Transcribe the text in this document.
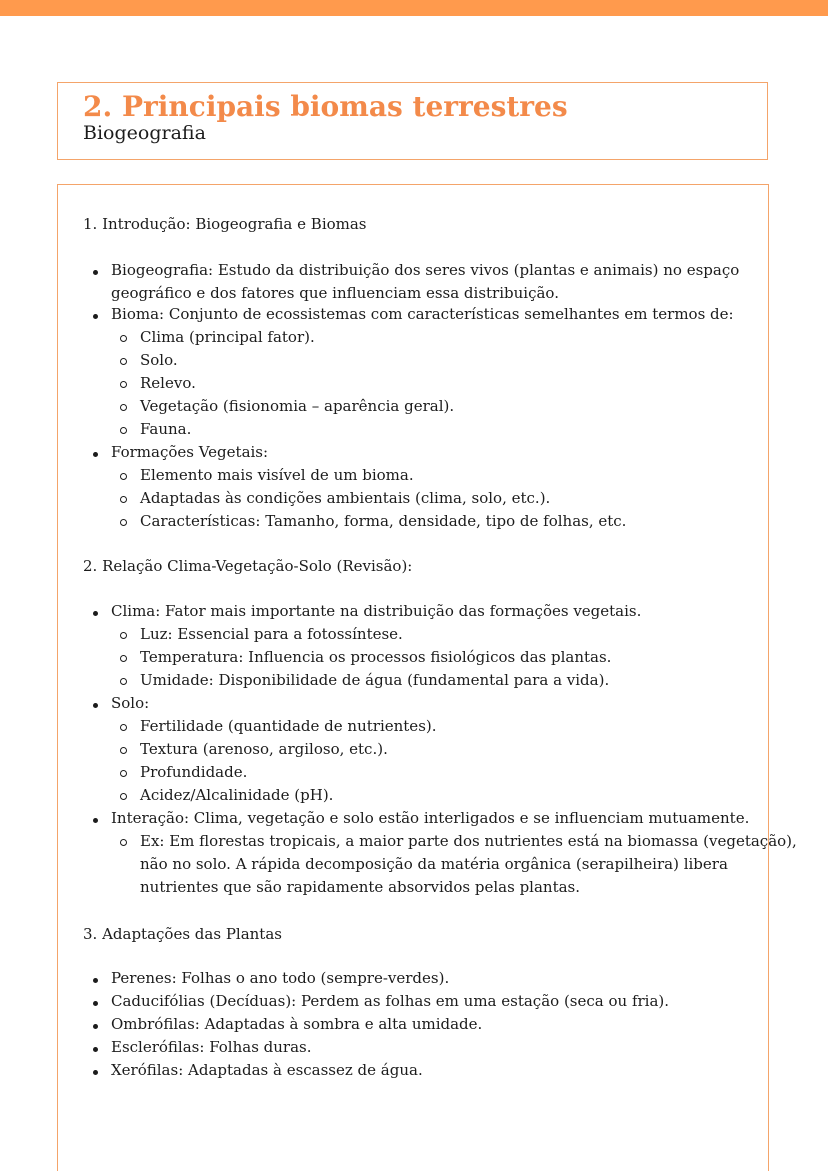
2. Principais biomas terrestres
Biogeografia
1. Introdução: Biogeografia e Biomas
Biogeografia: Estudo da distribuição dos seres vivos (plantas e animais) no espaço
geográfico e dos fatores que influenciam essa distribuição.
Bioma: Conjunto de ecossistemas com características semelhantes em termos de:
Clima (principal fator).
Solo.
Relevo.
Vegetação (fisionomia – aparência geral).
Fauna.
Formações Vegetais:
Elemento mais visível de um bioma.
Adaptadas às condições ambientais (clima, solo, etc.).
Características: Tamanho, forma, densidade, tipo de folhas, etc.
2. Relação Clima-Vegetação-Solo (Revisão):
Clima: Fator mais importante na distribuição das formações vegetais.
Luz: Essencial para a fotossíntese.
Temperatura: Influencia os processos fisiológicos das plantas.
Umidade: Disponibilidade de água (fundamental para a vida).
Solo:
Fertilidade (quantidade de nutrientes).
Textura (arenoso, argiloso, etc.).
Profundidade.
Acidez/Alcalinidade (pH).
Interação: Clima, vegetação e solo estão interligados e se influenciam mutuamente.
Ex: Em florestas tropicais, a maior parte dos nutrientes está na biomassa (vegetação),
não no solo. A rápida decomposição da matéria orgânica (serapilheira) libera
nutrientes que são rapidamente absorvidos pelas plantas.
3. Adaptações das Plantas
Perenes: Folhas o ano todo (sempre-verdes).
Caducifólias (Decíduas): Perdem as folhas em uma estação (seca ou fria).
Ombrófilas: Adaptadas à sombra e alta umidade.
Esclerófilas: Folhas duras.
Xerófilas: Adaptadas à escassez de água.
